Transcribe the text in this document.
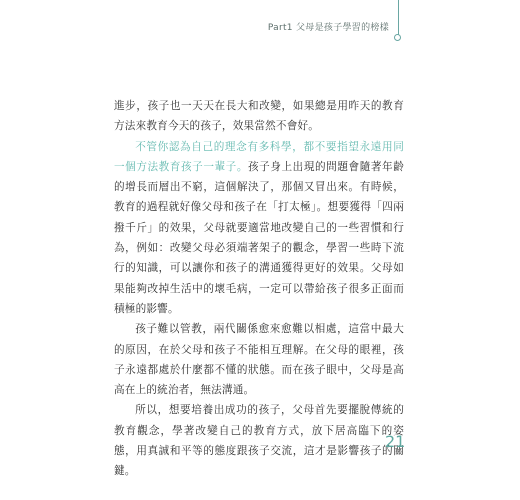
Part1 父母是孩子學習的榜樣

進步，孩子也一天天在長大和改變，如果總是用昨天的教育方法來教育今天的孩子，效果當然不會好。

不管你認為自己的理念有多科學，都不要指望永遠用同一個方法教育孩子一輩子。孩子身上出現的問題會隨著年齡的增長而層出不窮，這個解決了，那個又冒出來。有時候，教育的過程就好像父母和孩子在「打太極」。想要獲得「四兩撥千斤」的效果，父母就要適當地改變自己的一些習慣和行為，例如：改變父母必須端著架子的觀念，學習一些時下流行的知識，可以讓你和孩子的溝通獲得更好的效果。父母如果能夠改掉生活中的壞毛病，一定可以帶給孩子很多正面而積極的影響。

孩子難以管教，兩代關係愈來愈難以相處，這當中最大的原因，在於父母和孩子不能相互理解。在父母的眼裡，孩子永遠都處於什麼都不懂的狀態。而在孩子眼中，父母是高高在上的統治者，無法溝通。

所以，想要培養出成功的孩子，父母首先要擺脫傳統的教育觀念，學著改變自己的教育方式，放下居高臨下的姿態，用真誠和平等的態度跟孩子交流，這才是影響孩子的關鍵。

21
